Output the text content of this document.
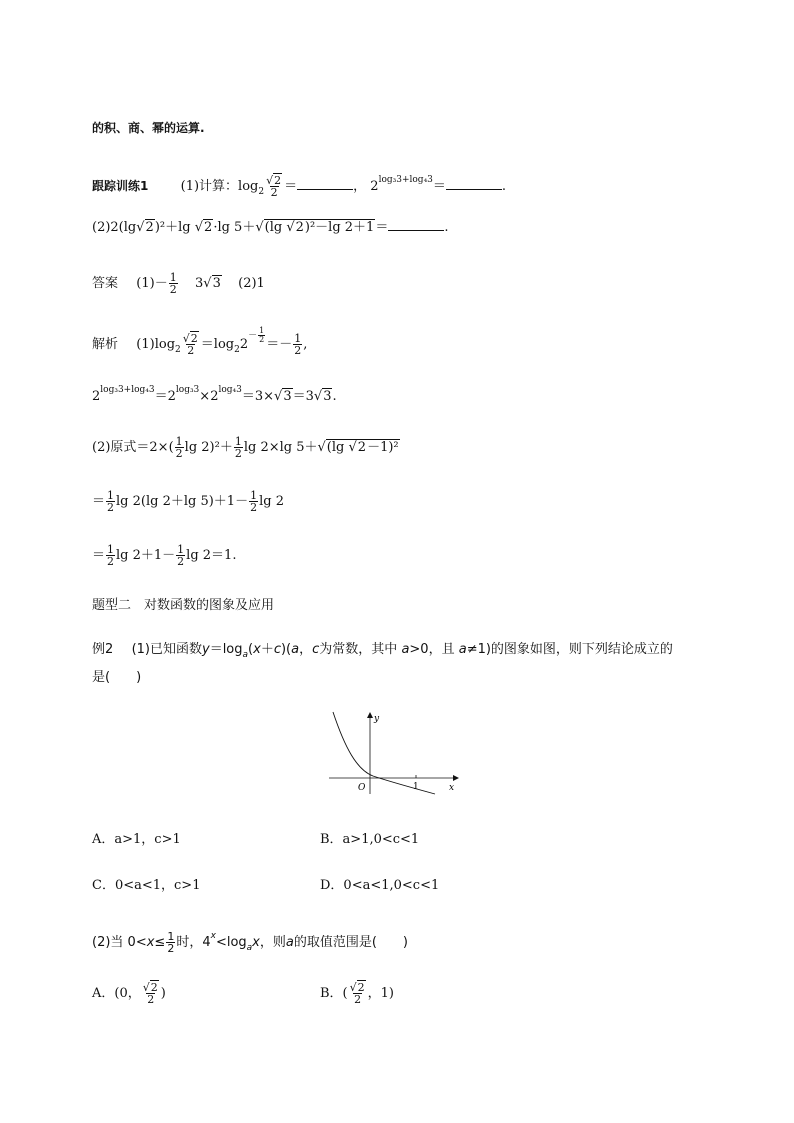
的积、商、幂的运算.
跟踪训练1 (1)计算：$\log_2 \frac{√2}{2}$ ＝	， $2^{log_33+log_43}=$	.
(2)2(lg√2)²＋lg √2·lg 5＋√(lg √2)²－lg 2＋1＝	.
答案 $(1)- \frac{1}{2} 3√3$ (2)1
解析 $(1)\log_2 \frac{√2}{2} =\log_22^{- \frac{1}{2}}$
＝－ $\frac{1}{2}$ ,
$2^{log_33+log_43}=2^{log_33}\times 2^{log_43}=3\times√3=3√3$.
(2)原式$=2\times( \frac{1}{2}$ $\lg 2)^2+ \frac{1}{2}$ lg 2×lg 5＋√(lg √2－1)²
＝ $\frac{1}{2}$ lg 2(lg 2＋lg $5)+1- \frac{1}{2}$ lg 2
＝ $\frac{1}{2}$ $\lg 2+1- \frac{1}{2}$ lg 2＝1.
题型二　对数函数的图象及应用
例2 (1)已知函数$y=\log_a(x+c)(a$，c为常数，其中 a>0，且 a≠1)的图象如图，则下列结论成立的
是(　　)
y
x
O	1
A．a>1，c>1	B．a>1,0<c<1
C．0<a<1，c>1	D．0<a<1,0<c<1
(2)当 $0<x\le \frac{1}{2}$ 时，$4^x<\log_ax$，则a的取值范围是(　　)
A．(0， $\frac{√2}{2}$ )	B．( $\frac{√2}{2}$ ，1)
